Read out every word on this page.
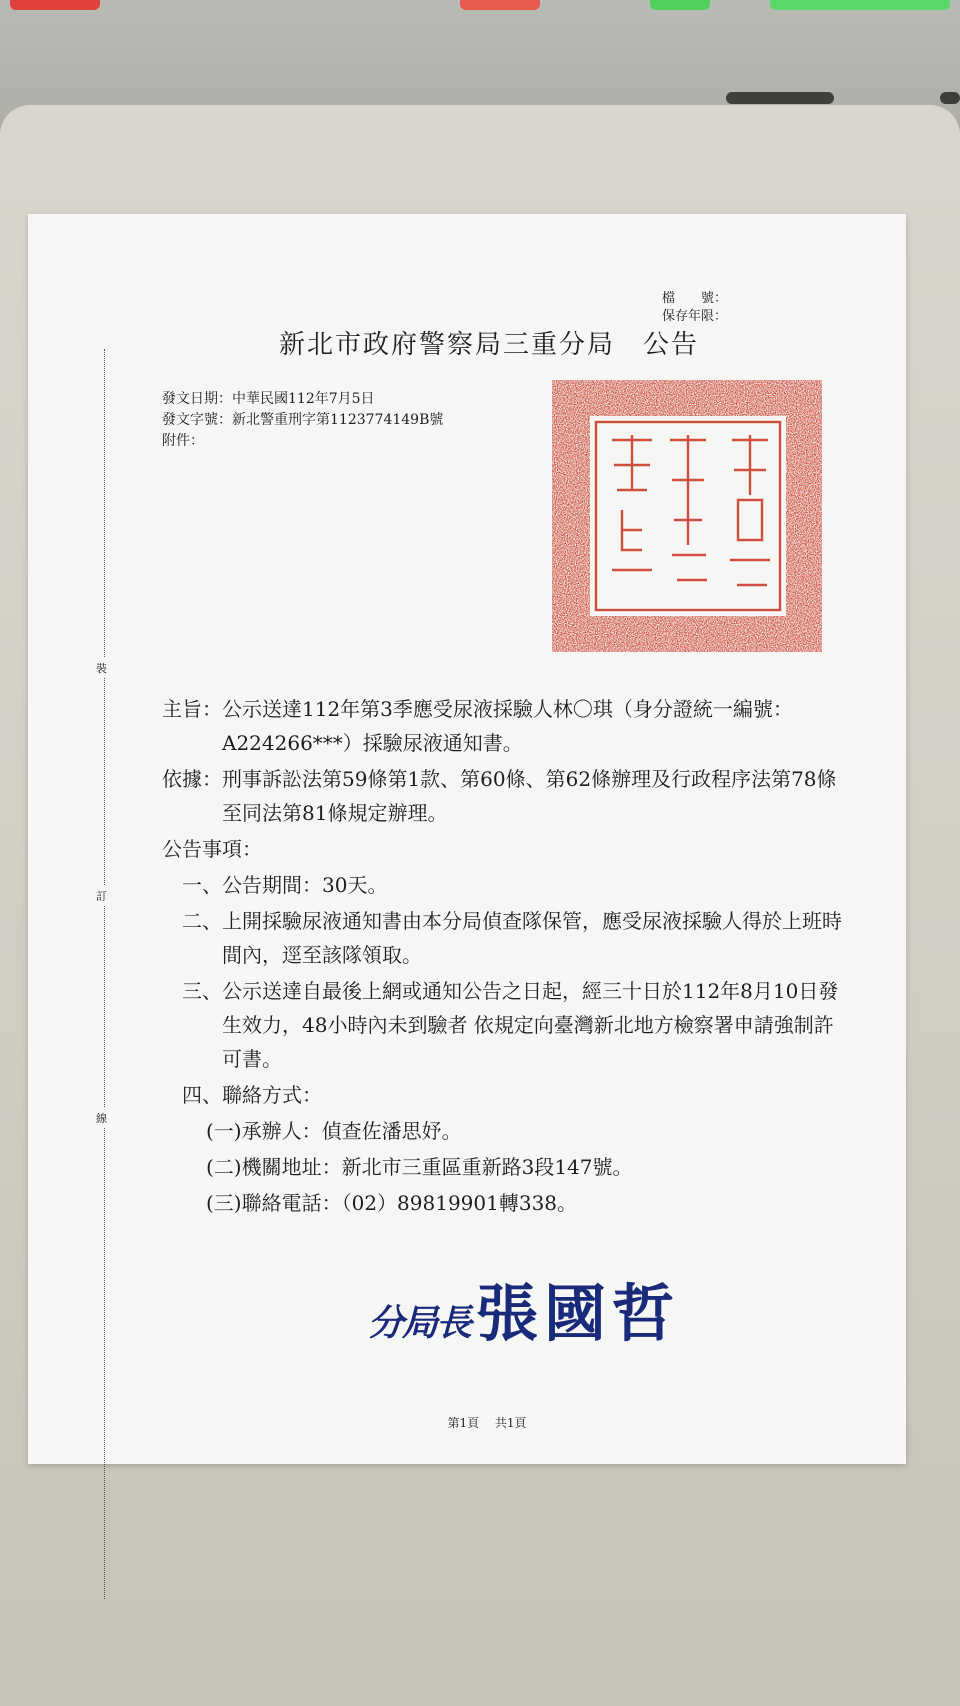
檔　　號：
保存年限：
新北市政府警察局三重分局　公告
發文日期：中華民國112年7月5日
發文字號：新北警重刑字第1123774149B號
附件：
裝
訂
線
主旨： 公示送達112年第3季應受尿液採驗人林〇琪（身分證統一編號：A224266***）採驗尿液通知書。
依據： 刑事訴訟法第59條第1款、第60條、第62條辦理及行政程序法第78條至同法第81條規定辦理。
公告事項：
一、 公告期間：30天。
二、 上開採驗尿液通知書由本分局偵查隊保管，應受尿液採驗人得於上班時間內，逕至該隊領取。
三、 公示送達自最後上網或通知公告之日起，經三十日於112年8月10日發生效力，48小時內未到驗者 依規定向臺灣新北地方檢察署申請強制許可書。
四、 聯絡方式：
(一)承辦人：偵查佐潘思妤。
(二)機關地址：新北市三重區重新路3段147號。
(三)聯絡電話：（02）89819901轉338。
分局長張國哲
第1頁 共1頁
